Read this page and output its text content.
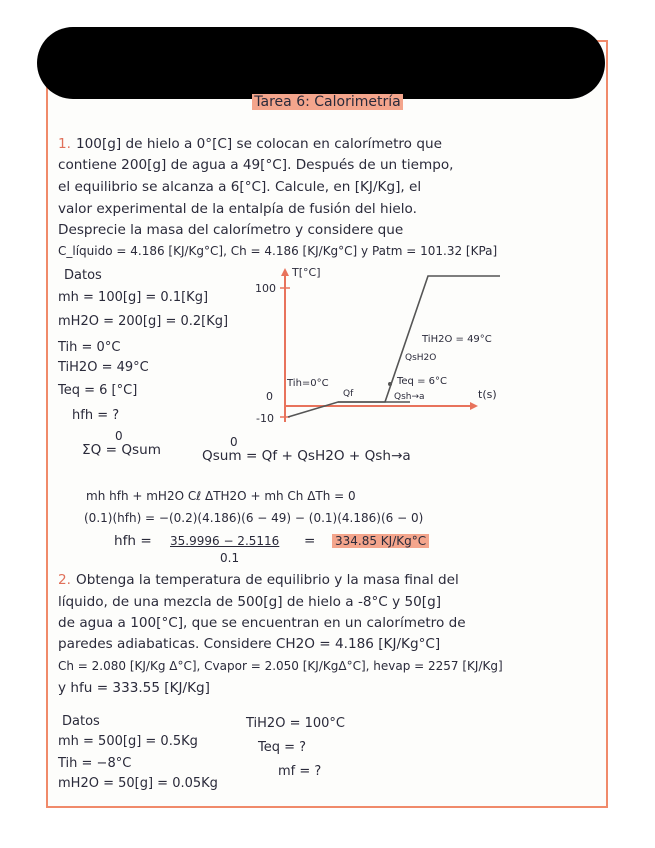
Tarea 6: Calorimetría
1. 100[g] de hielo a 0°[C] se colocan en calorímetro que
contiene 200[g] de agua a 49[°C]. Después de un tiempo,
el equilibrio se alcanza a 6[°C]. Calcule, en [KJ/Kg], el
valor experimental de la entalpía de fusión del hielo.
Desprecie la masa del calorímetro y considere que
C_líquido = 4.186 [KJ/Kg°C], Ch = 4.186 [KJ/Kg°C] y Patm = 101.32 [KPa]
Datos
mh = 100[g] = 0.1[Kg]
mH2O = 200[g] = 0.2[Kg]
Tih = 0°C
TiH2O = 49°C
Teq = 6 [°C]
hfh = ?
100
0
-10
T[°C]
t(s)
Tih=0°C
Qf
TiH2O = 49°C
QsH2O
Teq = 6°C
Qsh→a
0
ΣQ = Qsum	0
Qsum = Qf + QsH2O + Qsh→a
mh hfh + mH2O Cℓ ΔTH2O + mh Ch ΔTh = 0
(0.1)(hfh) = −(0.2)(4.186)(6 − 49) − (0.1)(4.186)(6 − 0)
hfh = 35.9996 − 2.5116
0.1
= 334.85 KJ/Kg°C
2. Obtenga la temperatura de equilibrio y la masa final del
líquido, de una mezcla de 500[g] de hielo a -8°C y 50[g]
de agua a 100[°C], que se encuentran en un calorímetro de
paredes adiabaticas. Considere CH2O = 4.186 [KJ/Kg°C]
Ch = 2.080 [KJ/Kg Δ°C], Cvapor = 2.050 [KJ/KgΔ°C], hevap = 2257 [KJ/Kg]
y hfu = 333.55 [KJ/Kg]
Datos
mh = 500[g] = 0.5Kg
Tih = −8°C
mH2O = 50[g] = 0.05Kg
TiH2O = 100°C
Teq = ?
mf = ?
